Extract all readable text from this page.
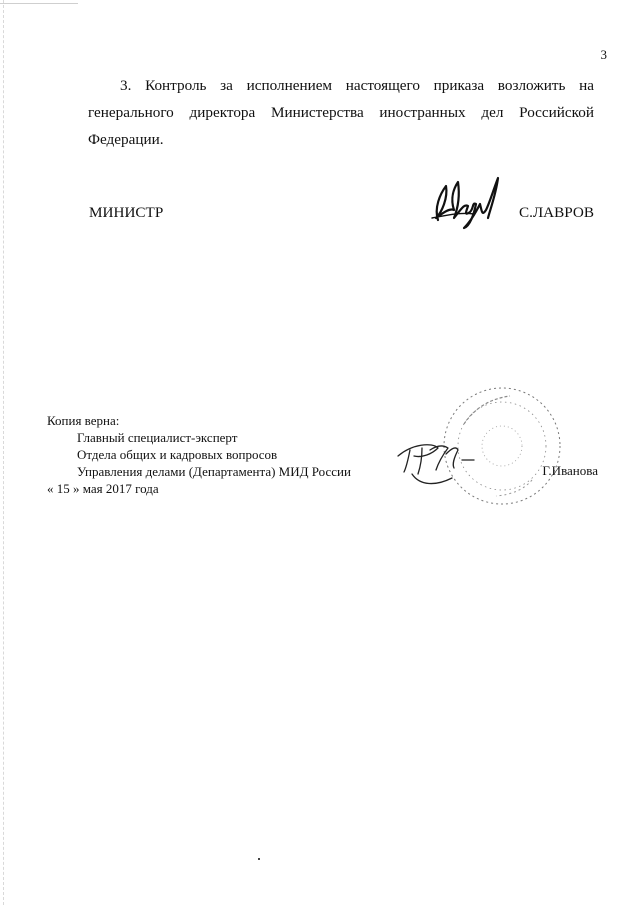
3

3. Контроль за исполнением настоящего приказа возложить на генерального директора Министерства иностранных дел Российской Федерации.

МИНИСТР	С.ЛАВРОВ
Копия верна:
Главный специалист-эксперт
Отдела общих и кадровых вопросов
Управления делами (Департамента) МИД России
« 15 » мая 2017 года
Г.Иванова
